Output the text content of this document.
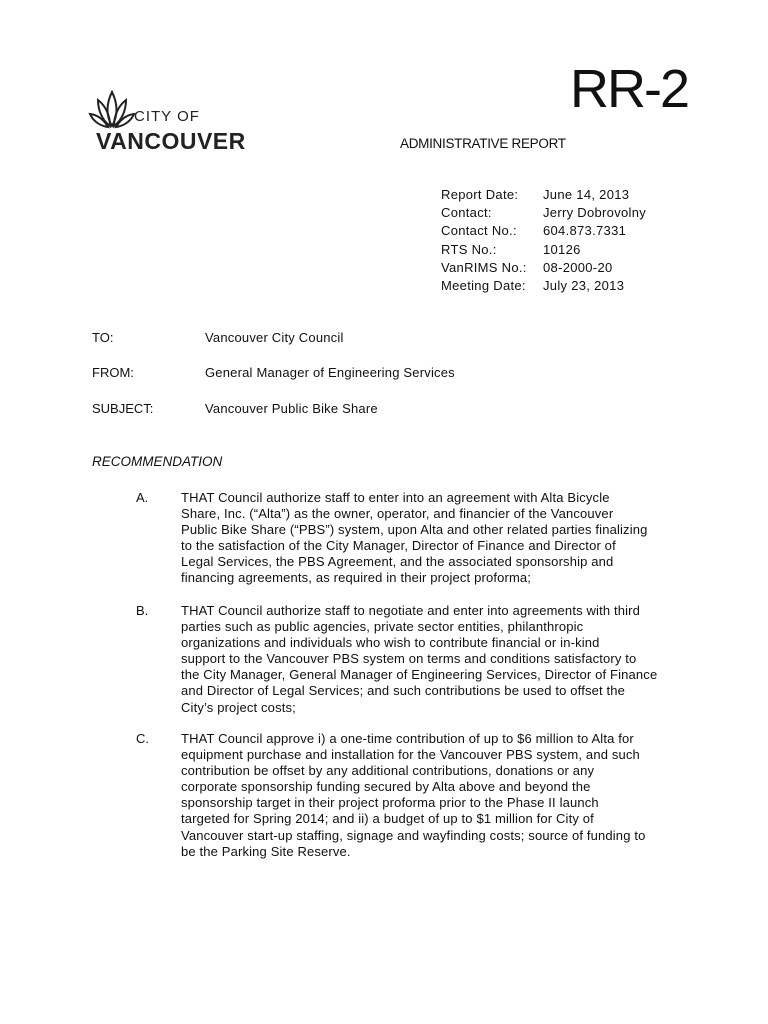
RR-2
CITY OF
VANCOUVER	ADMINISTRATIVE REPORT
Report Date: June 14, 2013
Contact:	Jerry Dobrovolny
Contact No.: 604.873.7331
RTS No.:	10126
VanRIMS No.: 08-2000-20
Meeting Date: July 23, 2013
TO:	Vancouver City Council
FROM:	General Manager of Engineering Services
SUBJECT:	Vancouver Public Bike Share
RECOMMENDATION
A.	THAT Council authorize staff to enter into an agreement with Alta Bicycle
Share, Inc. (“Alta”) as the owner, operator, and financier of the Vancouver
Public Bike Share (“PBS”) system, upon Alta and other related parties finalizing
to the satisfaction of the City Manager, Director of Finance and Director of
Legal Services, the PBS Agreement, and the associated sponsorship and
financing agreements, as required in their project proforma;
B.	THAT Council authorize staff to negotiate and enter into agreements with third
parties such as public agencies, private sector entities, philanthropic
organizations and individuals who wish to contribute financial or in-kind
support to the Vancouver PBS system on terms and conditions satisfactory to
the City Manager, General Manager of Engineering Services, Director of Finance
and Director of Legal Services; and such contributions be used to offset the
City’s project costs;
C. THAT Council approve i) a one-time contribution of up to $6 million to Alta for
equipment purchase and installation for the Vancouver PBS system, and such
contribution be offset by any additional contributions, donations or any
corporate sponsorship funding secured by Alta above and beyond the
sponsorship target in their project proforma prior to the Phase II launch
targeted for Spring 2014; and ii) a budget of up to $1 million for City of
Vancouver start-up staffing, signage and wayfinding costs; source of funding to
be the Parking Site Reserve.
